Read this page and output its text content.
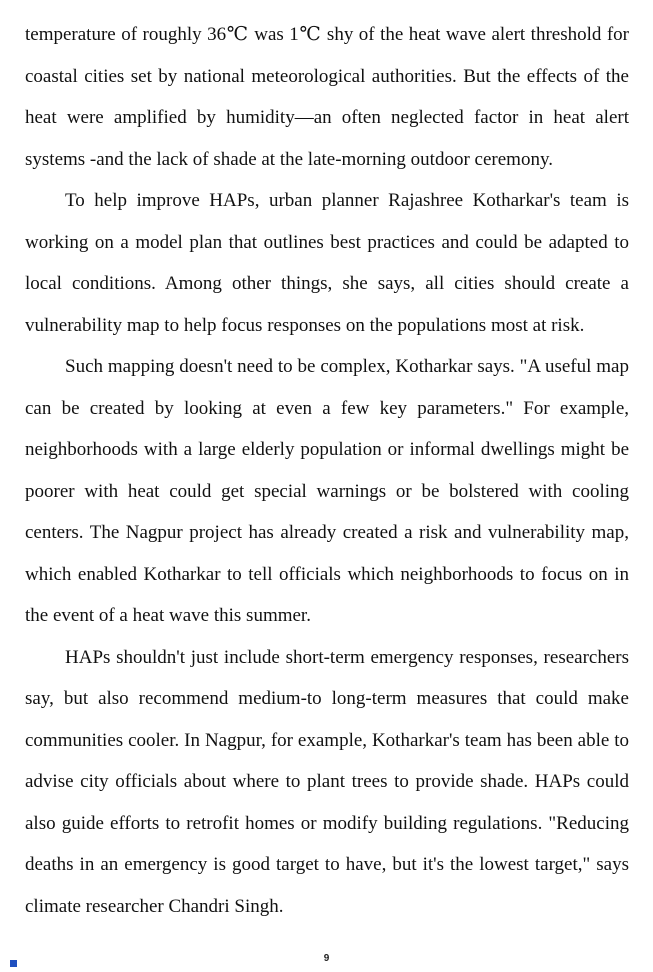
temperature of roughly 36℃ was 1℃ shy of the heat wave alert threshold for coastal cities set by national meteorological authorities. But the effects of the heat were amplified by humidity—an often neglected factor in heat alert systems -and the lack of shade at the late-morning outdoor ceremony.

To help improve HAPs, urban planner Rajashree Kotharkar's team is working on a model plan that outlines best practices and could be adapted to local conditions. Among other things, she says, all cities should create a vulnerability map to help focus responses on the populations most at risk.

Such mapping doesn't need to be complex, Kotharkar says. "A useful map can be created by looking at even a few key parameters." For example, neighborhoods with a large elderly population or informal dwellings might be poorer with heat could get special warnings or be bolstered with cooling centers. The Nagpur project has already created a risk and vulnerability map, which enabled Kotharkar to tell officials which neighborhoods to focus on in the event of a heat wave this summer.

HAPs shouldn't just include short-term emergency responses, researchers say, but also recommend medium-to long-term measures that could make communities cooler. In Nagpur, for example, Kotharkar's team has been able to advise city officials about where to plant trees to provide shade. HAPs could also guide efforts to retrofit homes or modify building regulations. "Reducing deaths in an emergency is good target to have, but it's the lowest target," says climate researcher Chandri Singh.

9
